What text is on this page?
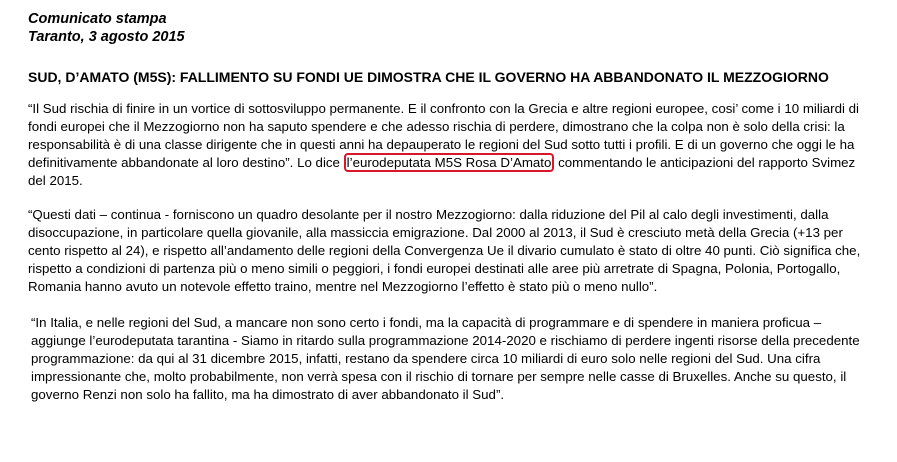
Comunicato stampa

Taranto, 3 agosto 2015

SUD, D’AMATO (M5S): FALLIMENTO SU FONDI UE DIMOSTRA CHE IL GOVERNO HA ABBANDONATO IL MEZZOGIORNO

“Il Sud rischia di finire in un vortice di sottosviluppo permanente. E il confronto con la Grecia e altre regioni europee, cosi’ come i 10 miliardi di fondi europei che il Mezzogiorno non ha saputo spendere e che adesso rischia di perdere, dimostrano che la colpa non è solo della crisi: la responsabilità è di una classe dirigente che in questi anni ha depauperato le regioni del Sud sotto tutti i profili. E di un governo che oggi le ha definitivamente abbandonate al loro destino”. Lo dice l’eurodeputata M5S Rosa D’Amato commentando le anticipazioni del rapporto Svimez del 2015.

“Questi dati – continua - forniscono un quadro desolante per il nostro Mezzogiorno: dalla riduzione del Pil al calo degli investimenti, dalla disoccupazione, in particolare quella giovanile, alla massiccia emigrazione. Dal 2000 al 2013, il Sud è cresciuto metà della Grecia (+13 per cento rispetto al 24), e rispetto all’andamento delle regioni della Convergenza Ue il divario cumulato è stato di oltre 40 punti. Ciò significa che, rispetto a condizioni di partenza più o meno simili o peggiori, i fondi europei destinati alle aree più arretrate di Spagna, Polonia, Portogallo, Romania hanno avuto un notevole effetto traino, mentre nel Mezzogiorno l’effetto è stato più o meno nullo”.

“In Italia, e nelle regioni del Sud, a mancare non sono certo i fondi, ma la capacità di programmare e di spendere in maniera proficua – aggiunge l’eurodeputata tarantina - Siamo in ritardo sulla programmazione 2014-2020 e rischiamo di perdere ingenti risorse della precedente programmazione: da qui al 31 dicembre 2015, infatti, restano da spendere circa 10 miliardi di euro solo nelle regioni del Sud. Una cifra impressionante che, molto probabilmente, non verrà spesa con il rischio di tornare per sempre nelle casse di Bruxelles. Anche su questo, il governo Renzi non solo ha fallito, ma ha dimostrato di aver abbandonato il Sud”.
